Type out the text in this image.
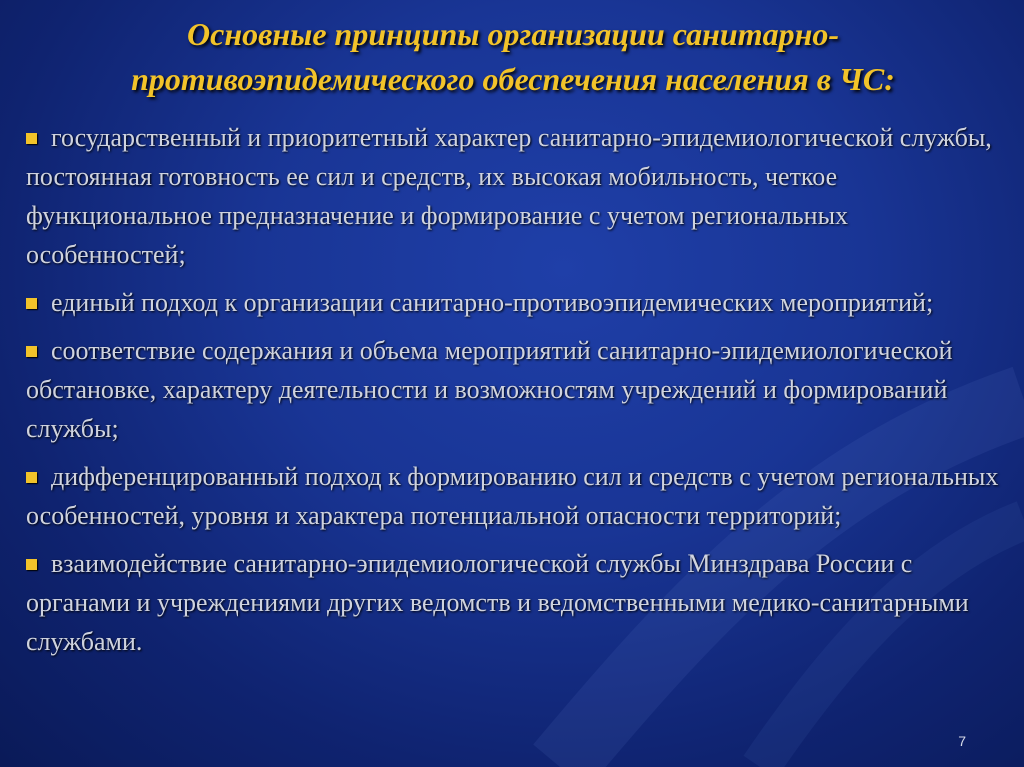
Основные принципы организации санитарно-
противоэпидемического обеспечения населения в ЧС:
государственный и приоритетный характер санитарно-эпидемиологической службы, постоянная готовность ее сил и средств, их высокая мобильность, четкое функциональное предназначение и формирование с учетом региональных особенностей;
единый подход к организации санитарно-противоэпидемических мероприятий;
соответствие содержания и объема мероприятий санитарно-эпидемиологической обстановке, характеру деятельности и возможностям учреждений и формирований службы;
дифференцированный подход к формированию сил и средств с учетом региональных особенностей, уровня и характера потенциальной опасности территорий;
взаимодействие санитарно-эпидемиологической службы Минздрава России с органами и учреждениями других ведомств и ведомственными медико-санитарными службами.
7
